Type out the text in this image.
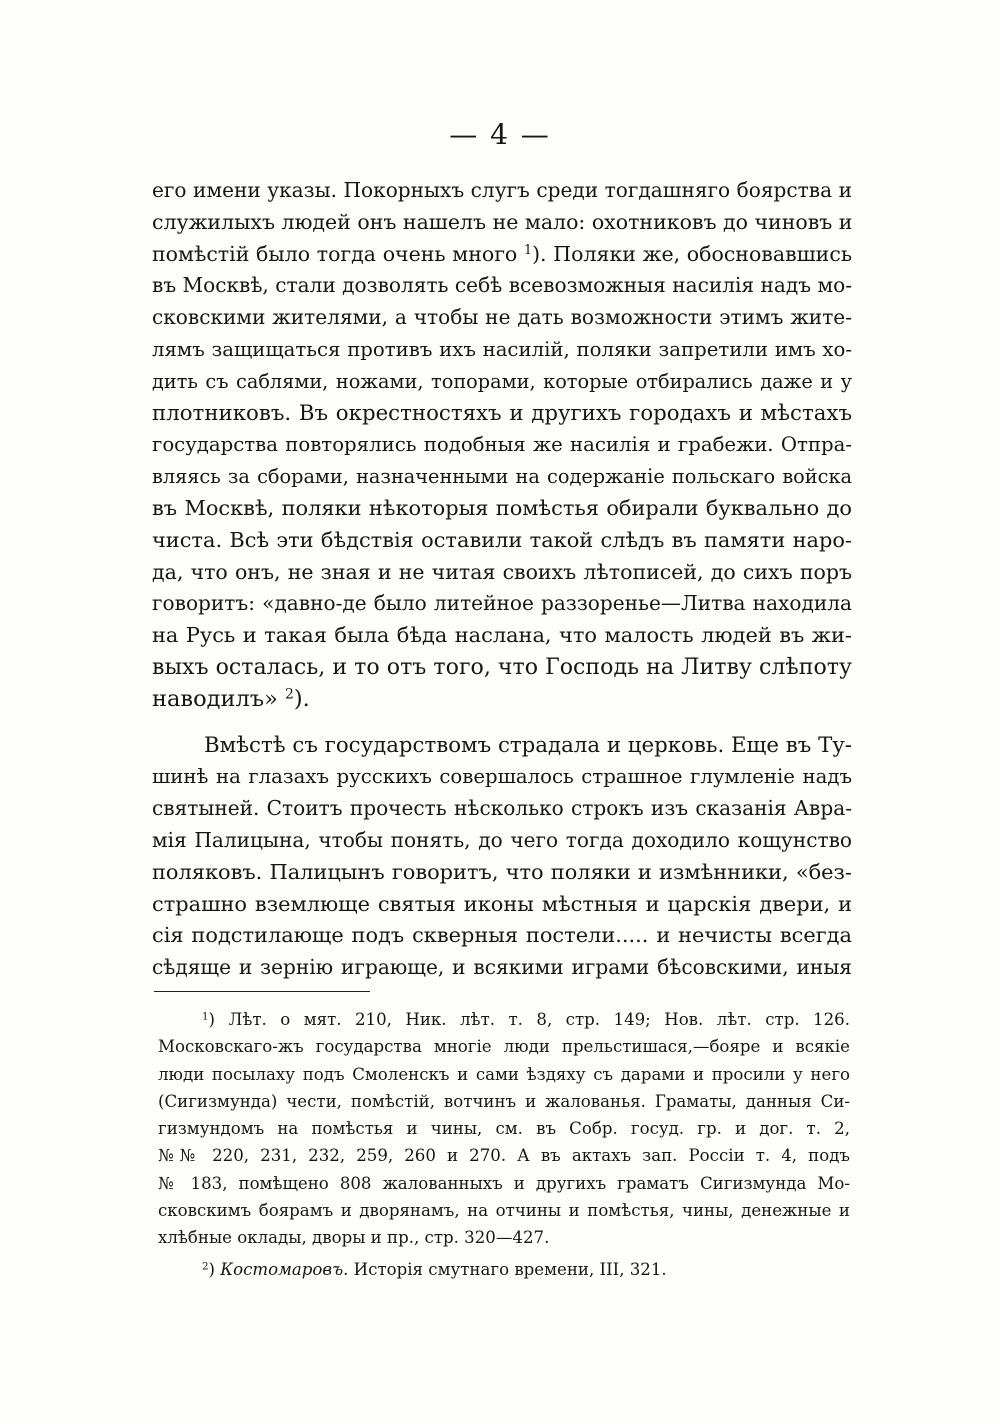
— 4 —
его имени указы. Покорныхъ слугъ среди тогдашняго боярства и
служилыхъ людей онъ нашелъ не мало: охотниковъ до чиновъ и
помѣстій было тогда очень много $^1$). Поляки же, обосновавшись
въ Москвѣ, стали дозволять себѣ всевозможныя насилія надъ мо-
сковскими жителями, а чтобы не дать возможности этимъ жите-
лямъ защищаться противъ ихъ насилій, поляки запретили имъ хо-
дить съ саблями, ножами, топорами, которые отбирались даже и у
плотниковъ. Въ окрестностяхъ и другихъ городахъ и мѣстахъ
государства повторялись подобныя же насилія и грабежи. Отпра-
вляясь за сборами, назначенными на содержаніе польскаго войска
въ Москвѣ, поляки нѣкоторыя помѣстья обирали буквально до
чиста. Всѣ эти бѣдствія оставили такой слѣдъ въ памяти наро-
да, что онъ, не зная и не читая своихъ лѣтописей, до сихъ поръ
говоритъ: «давно-де было литейное раззоренье—Литва находила
на Русь и такая была бѣда наслана, что малость людей въ жи-
выхъ осталась, и то отъ того, что Господь на Литву слѣпоту
наводилъ» $^2$).
Вмѣстѣ съ государствомъ страдала и церковь. Еще въ Ту-
шинѣ на глазахъ русскихъ совершалось страшное глумленіе надъ
святыней. Стоитъ прочесть нѣсколько строкъ изъ сказанія Авра-
мія Палицына, чтобы понять, до чего тогда доходило кощунство
поляковъ. Палицынъ говоритъ, что поляки и измѣнники, «без-
страшно вземлюще святыя иконы мѣстныя и царскія двери, и
сія подстилающе подъ скверныя постели..... и нечисты всегда
сѣдяще и зернію играюще, и всякими играми бѣсовскими, иныя
$^1$) Лѣт. о мят. 210, Ник. лѣт. т. 8, стр. 149; Нов. лѣт. стр. 126.
Московскаго-жъ государства многіе люди прельстишася,—бояре и всякіе
люди посылаху подъ Смоленскъ и сами ѣздяху съ дарами и просили у него
(Сигизмунда) чести, помѣстій, вотчинъ и жалованья. Граматы, данныя Си-
гизмундомъ на помѣстья и чины, см. въ Собр. госуд. гр. и дог. т. 2,
№№ 220, 231, 232, 259, 260 и 270. А въ актахъ зап. Россіи т. 4, подъ
№ 183, помѣщено 808 жалованныхъ и другихъ граматъ Сигизмунда Мо-
сковскимъ боярамъ и дворянамъ, на отчины и помѣстья, чины, денежные и
хлѣбные оклады, дворы и пр., стр. 320—427.
$^2$) Костомаровъ. Исторія смутнаго времени, III, 321.
